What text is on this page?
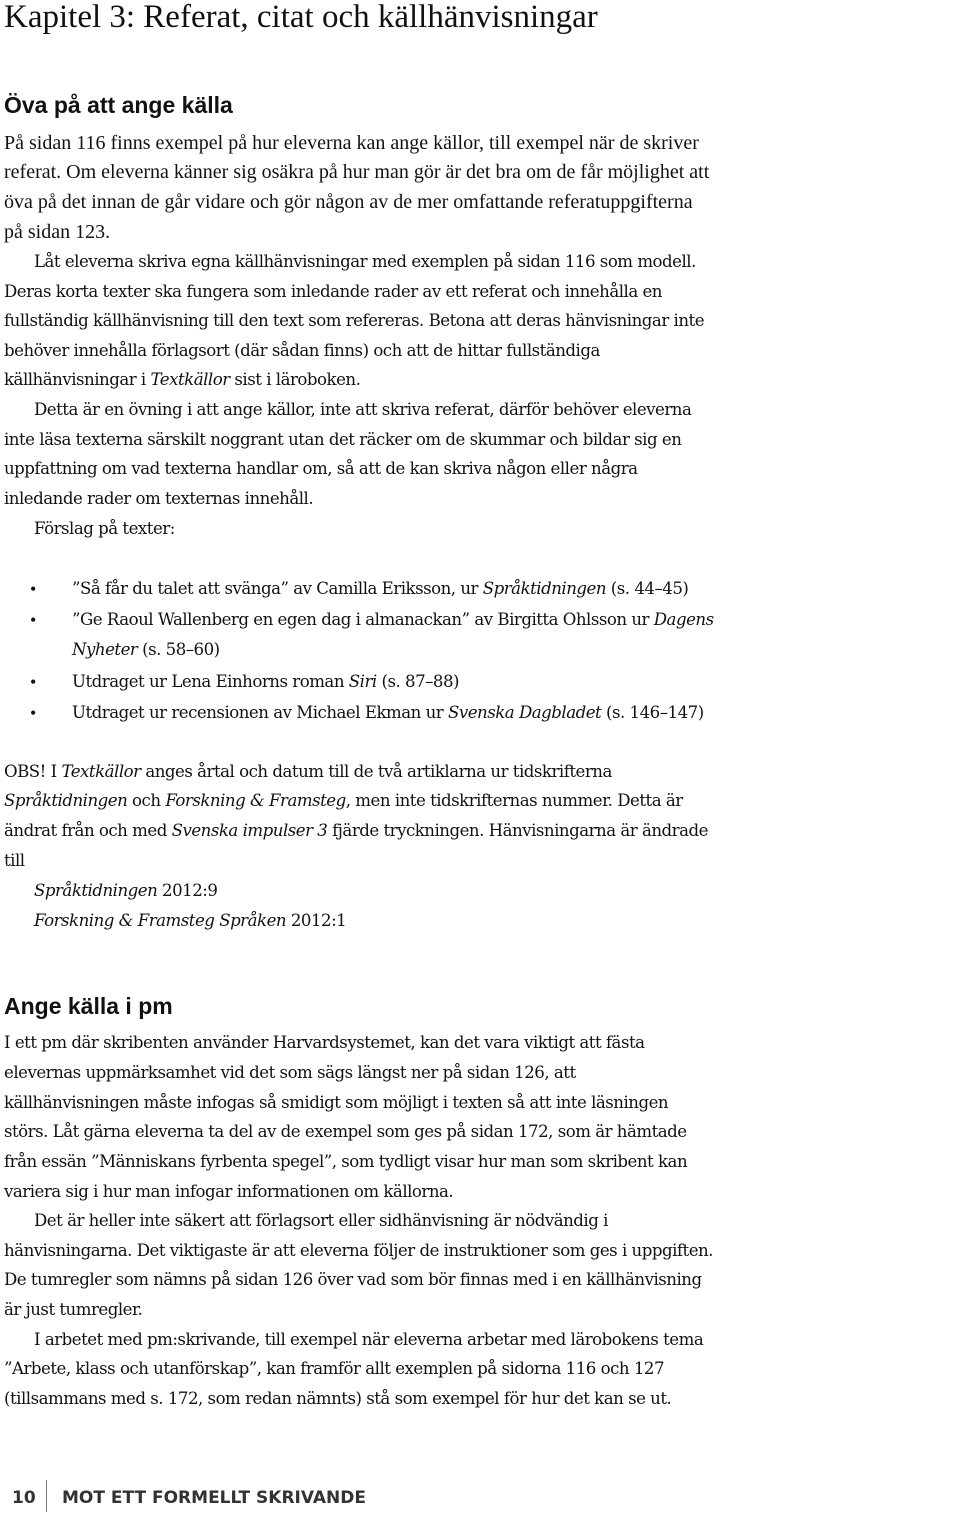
Kapitel 3: Referat, citat och källhänvisningar
Öva på att ange källa
På sidan 116 finns exempel på hur eleverna kan ange källor, till exempel när de skriver
referat. Om eleverna känner sig osäkra på hur man gör är det bra om de får möjlighet att
öva på det innan de går vidare och gör någon av de mer omfattande referatuppgifterna
på sidan 123.
Låt eleverna skriva egna källhänvisningar med exemplen på sidan 116 som modell.
Deras korta texter ska fungera som inledande rader av ett referat och innehålla en
fullständig källhänvisning till den text som refereras. Betona att deras hänvisningar inte
behöver innehålla förlagsort (där sådan finns) och att de hittar fullständiga
källhänvisningar i Textkällor sist i läroboken.
Detta är en övning i att ange källor, inte att skriva referat, därför behöver eleverna
inte läsa texterna särskilt noggrant utan det räcker om de skummar och bildar sig en
uppfattning om vad texterna handlar om, så att de kan skriva någon eller några
inledande rader om texternas innehåll.
Förslag på texter:
• ”Så får du talet att svänga” av Camilla Eriksson, ur Språktidningen (s. 44–45)
• ”Ge Raoul Wallenberg en egen dag i almanackan” av Birgitta Ohlsson ur Dagens
Nyheter (s. 58–60)
• Utdraget ur Lena Einhorns roman Siri (s. 87–88)
• Utdraget ur recensionen av Michael Ekman ur Svenska Dagbladet (s. 146–147)
OBS! I Textkällor anges årtal och datum till de två artiklarna ur tidskrifterna
Språktidningen och Forskning & Framsteg, men inte tidskrifternas nummer. Detta är
ändrat från och med Svenska impulser 3 fjärde tryckningen. Hänvisningarna är ändrade
till
Språktidningen 2012:9
Forskning & Framsteg Språken 2012:1
Ange källa i pm
I ett pm där skribenten använder Harvardsystemet, kan det vara viktigt att fästa
elevernas uppmärksamhet vid det som sägs längst ner på sidan 126, att
källhänvisningen måste infogas så smidigt som möjligt i texten så att inte läsningen
störs. Låt gärna eleverna ta del av de exempel som ges på sidan 172, som är hämtade
från essän ”Människans fyrbenta spegel”, som tydligt visar hur man som skribent kan
variera sig i hur man infogar informationen om källorna.
Det är heller inte säkert att förlagsort eller sidhänvisning är nödvändig i
hänvisningarna. Det viktigaste är att eleverna följer de instruktioner som ges i uppgiften.
De tumregler som nämns på sidan 126 över vad som bör finnas med i en källhänvisning
är just tumregler.
I arbetet med pm:skrivande, till exempel när eleverna arbetar med lärobokens tema
”Arbete, klass och utanförskap”, kan framför allt exemplen på sidorna 116 och 127
(tillsammans med s. 172, som redan nämnts) stå som exempel för hur det kan se ut.
10 MOT ETT FORMELLT SKRIVANDE
